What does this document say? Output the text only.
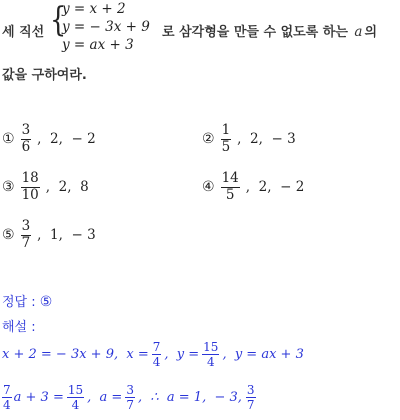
세 직선 {
y = x + 2
y = − 3x + 9
y = ax + 3
로 삼각형을 만들 수 없도록 하는 a 의
값을 구하여라.
① $\frac{3}{6}$ ,  2,  − 2	② $\frac{1}{5}$ ,  2,  − 3
③ $\frac{18}{10}$ ,  2,  8	④ $\frac{14}{5}$ ,  2,  − 2
⑤ $\frac{3}{7}$ ,  1,  − 3
정답 : ⑤
해설 :
x + 2 = − 3x + 9,  $x = \frac{7}{4}$ ,  $y = \frac{15}{4}$ ,  y = ax + 3
$\frac{7}{4}$ $a + 3 = \frac{15}{4}$ ,  $a = \frac{3}{7}$ ,  ∴  a = 1,  − 3, $\frac{3}{7}$
